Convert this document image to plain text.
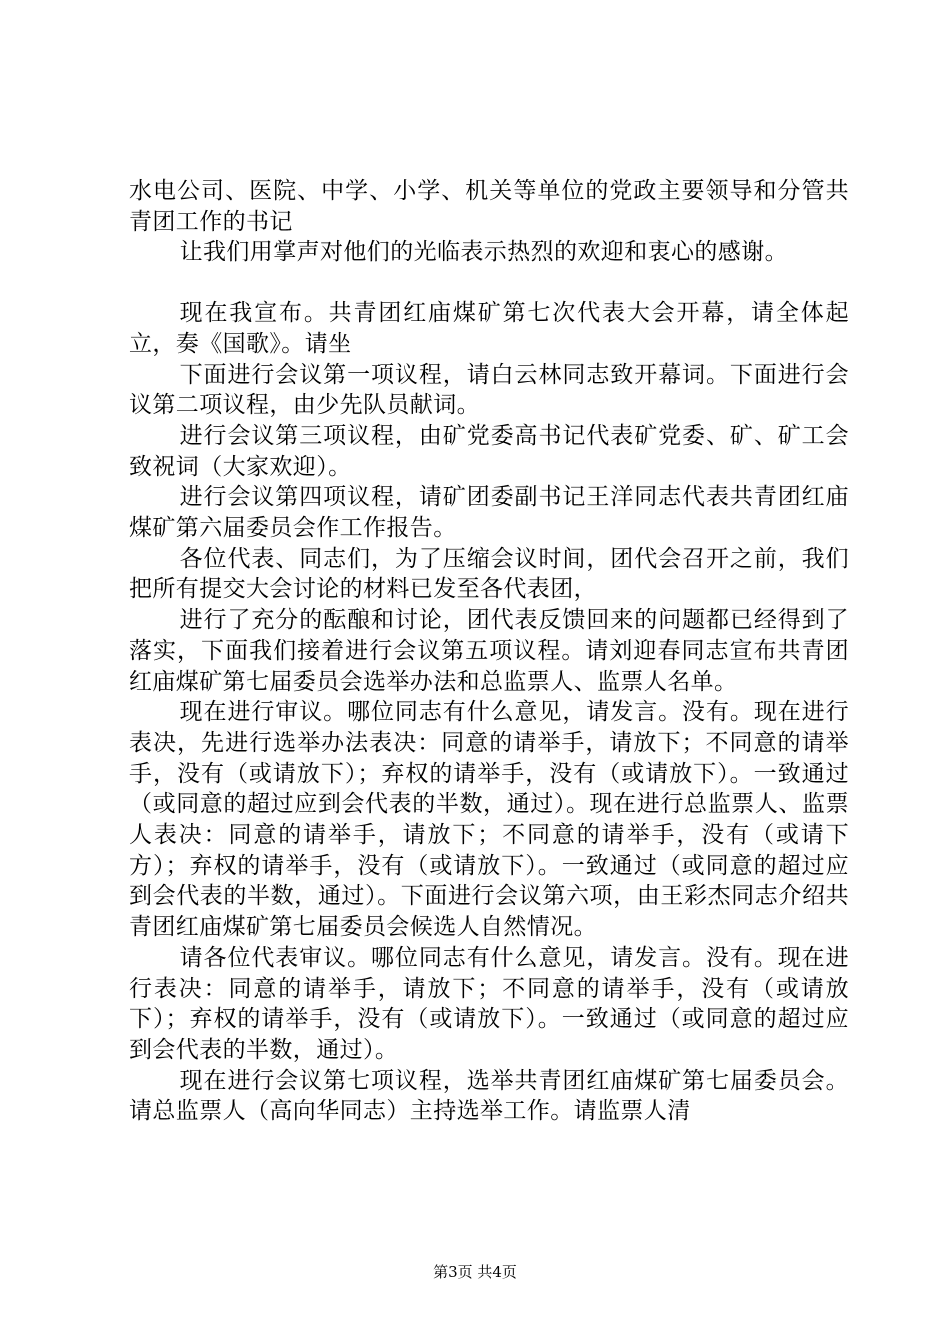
水电公司、医院、中学、小学、机关等单位的党政主要领导和分管共青团工作的书记

让我们用掌声对他们的光临表示热烈的欢迎和衷心的感谢。

现在我宣布。共青团红庙煤矿第七次代表大会开幕，请全体起立，奏《国歌》。请坐

下面进行会议第一项议程，请白云林同志致开幕词。下面进行会议第二项议程，由少先队员献词。

进行会议第三项议程，由矿党委高书记代表矿党委、矿、矿工会致祝词（大家欢迎）。

进行会议第四项议程，请矿团委副书记王洋同志代表共青团红庙煤矿第六届委员会作工作报告。

各位代表、同志们，为了压缩会议时间，团代会召开之前，我们把所有提交大会讨论的材料已发至各代表团，

进行了充分的酝酿和讨论，团代表反馈回来的问题都已经得到了落实，下面我们接着进行会议第五项议程。请刘迎春同志宣布共青团红庙煤矿第七届委员会选举办法和总监票人、监票人名单。

现在进行审议。哪位同志有什么意见，请发言。没有。现在进行表决，先进行选举办法表决：同意的请举手，请放下；不同意的请举手，没有（或请放下）；弃权的请举手，没有（或请放下）。一致通过（或同意的超过应到会代表的半数，通过）。现在进行总监票人、监票人表决：同意的请举手，请放下；不同意的请举手，没有（或请下方）；弃权的请举手，没有（或请放下）。一致通过（或同意的超过应到会代表的半数，通过）。下面进行会议第六项，由王彩杰同志介绍共青团红庙煤矿第七届委员会候选人自然情况。

请各位代表审议。哪位同志有什么意见，请发言。没有。现在进行表决：同意的请举手，请放下；不同意的请举手，没有（或请放下）；弃权的请举手，没有（或请放下）。一致通过（或同意的超过应到会代表的半数，通过）。

现在进行会议第七项议程，选举共青团红庙煤矿第七届委员会。请总监票人（高向华同志）主持选举工作。请监票人清

第3页 共4页
